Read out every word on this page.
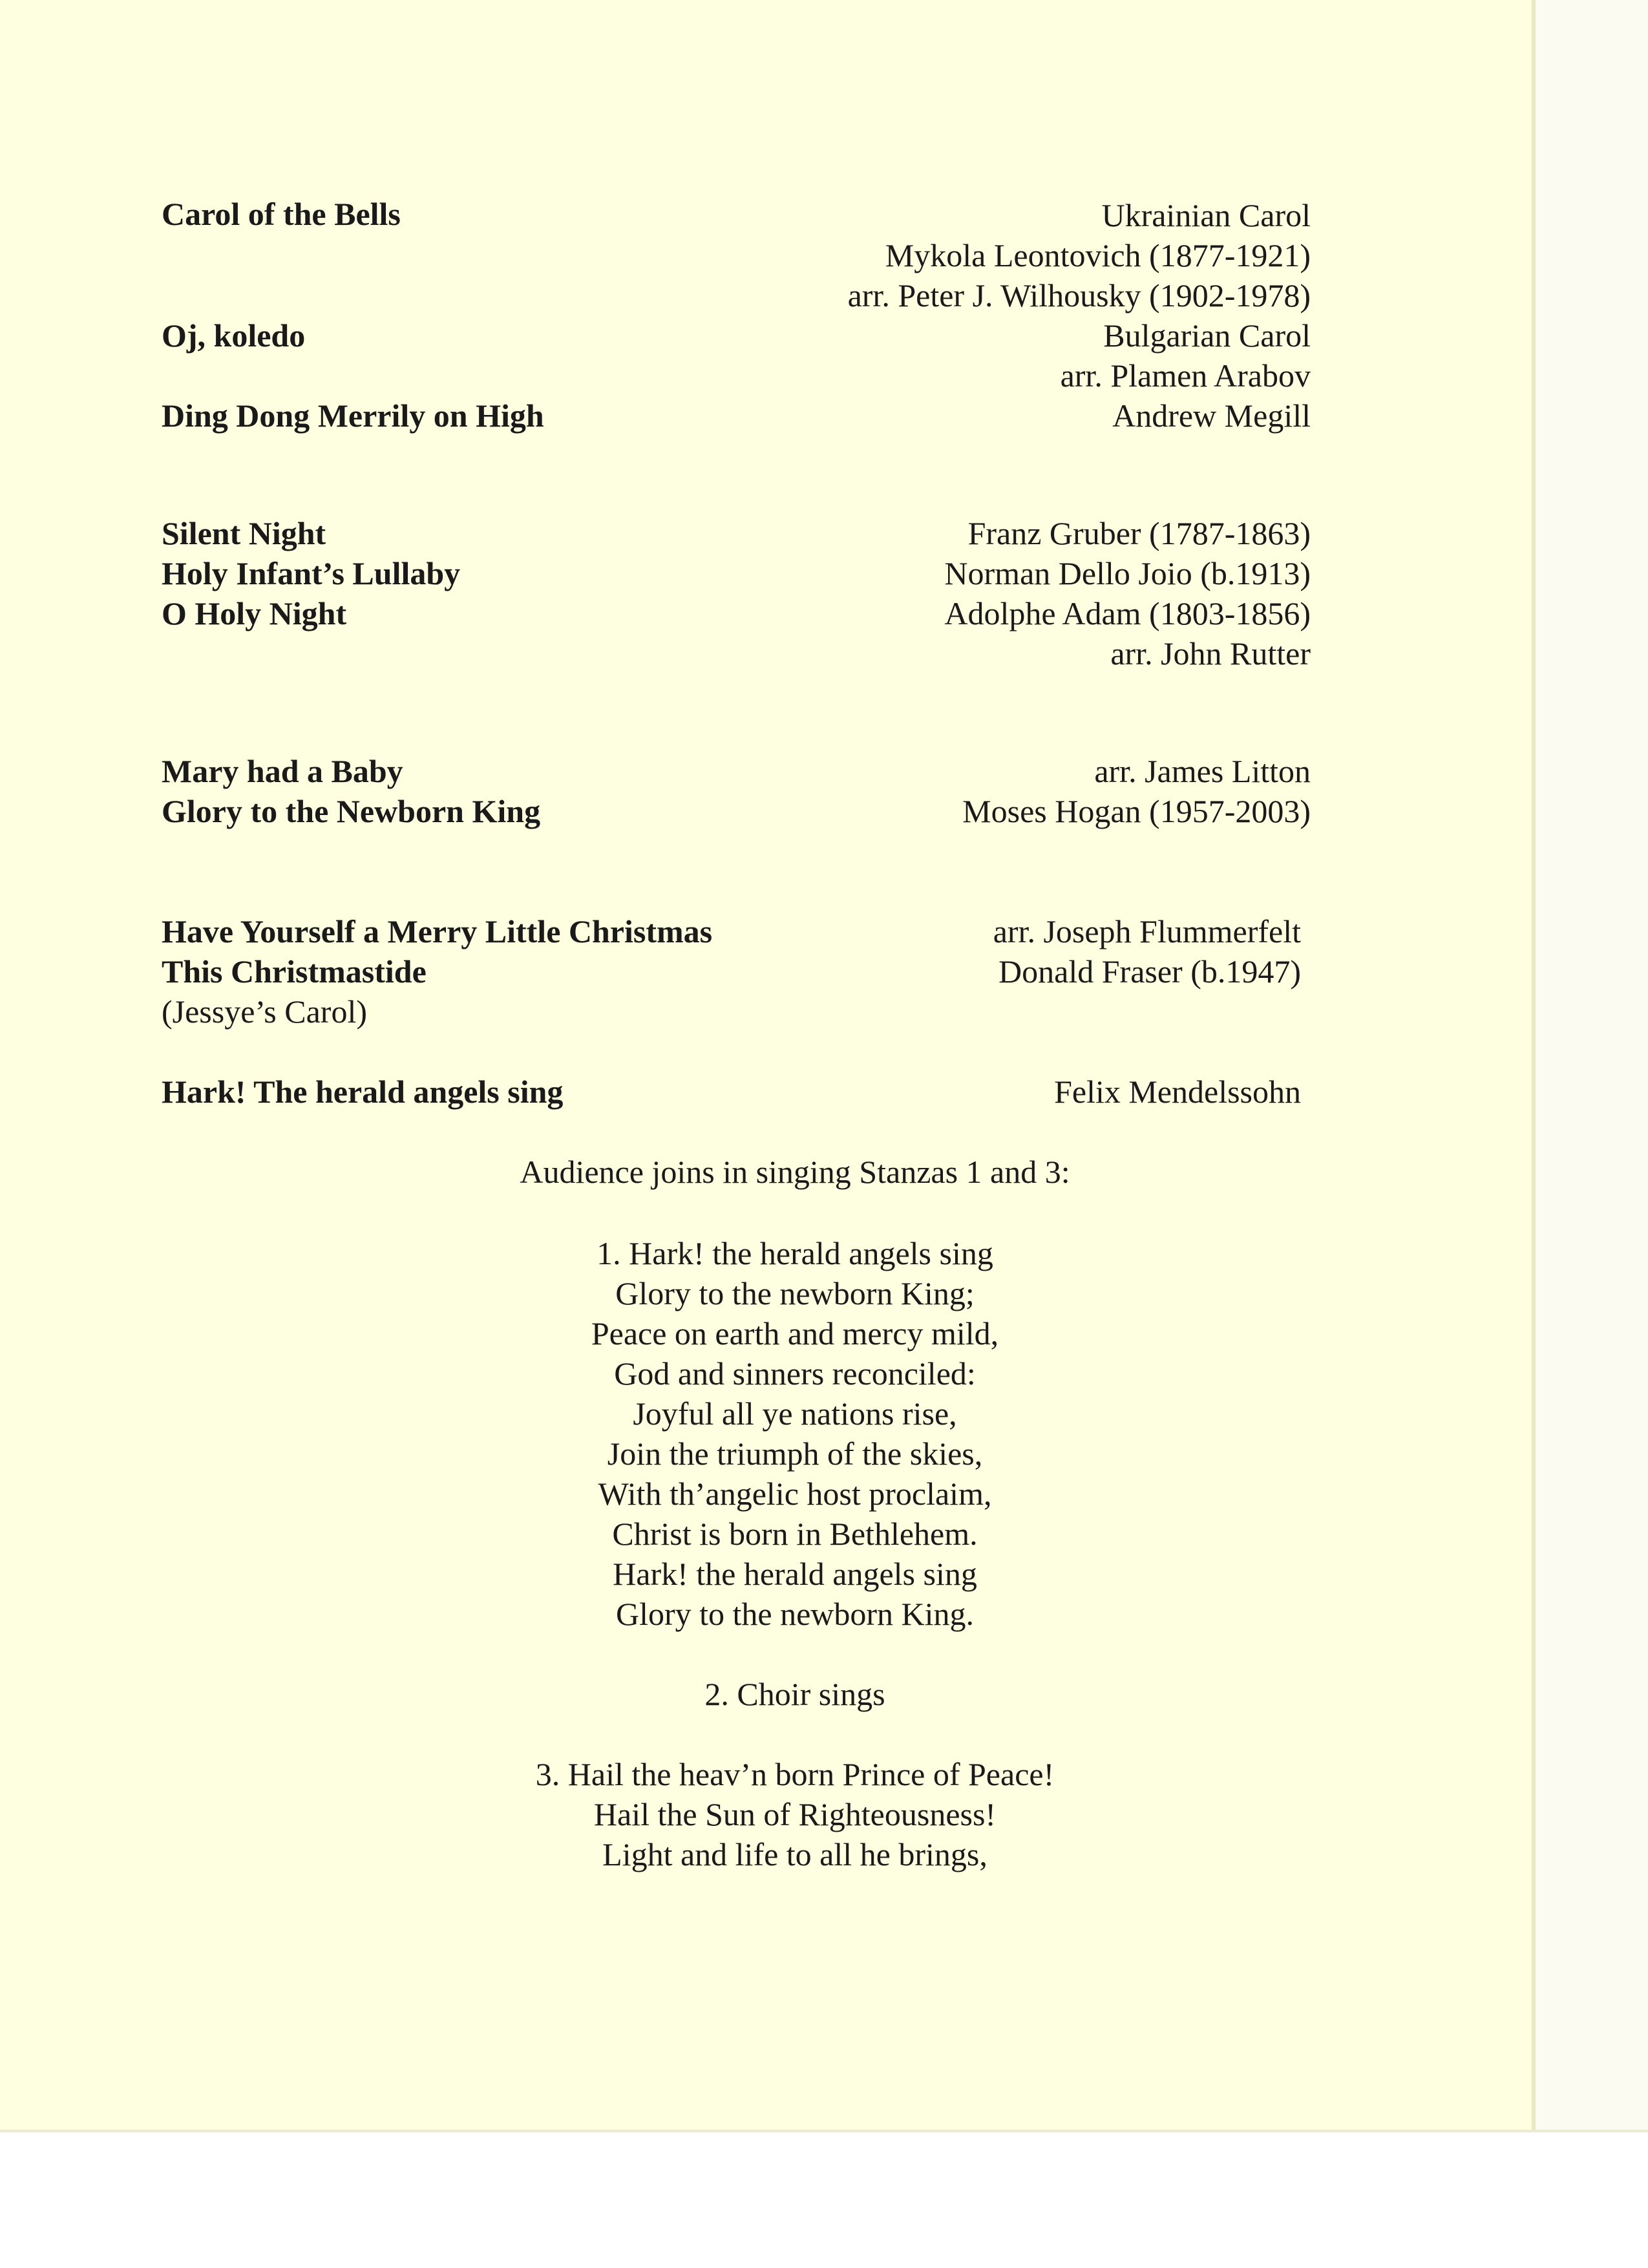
Carol of the Bells	Ukrainian Carol
Mykola Leontovich (1877-1921)
arr. Peter J. Wilhousky (1902-1978)
Oj, koledo	Bulgarian Carol
arr. Plamen Arabov
Ding Dong Merrily on High	Andrew Megill
Silent Night	Franz Gruber (1787-1863)
Holy Infant’s Lullaby	Norman Dello Joio (b.1913)
O Holy Night	Adolphe Adam (1803-1856)
arr. John Rutter
Mary had a Baby	arr. James Litton
Glory to the Newborn King	Moses Hogan (1957-2003)
Have Yourself a Merry Little Christmas	arr. Joseph Flummerfelt
This Christmastide	Donald Fraser (b.1947)
(Jessye’s Carol)
Hark! The herald angels sing	Felix Mendelssohn
Audience joins in singing Stanzas 1 and 3:
1. Hark! the herald angels sing
Glory to the newborn King;
Peace on earth and mercy mild,
God and sinners reconciled:
Joyful all ye nations rise,
Join the triumph of the skies,
With th’angelic host proclaim,
Christ is born in Bethlehem.
Hark! the herald angels sing
Glory to the newborn King.
2. Choir sings
3. Hail the heav’n born Prince of Peace!
Hail the Sun of Righteousness!
Light and life to all he brings,
